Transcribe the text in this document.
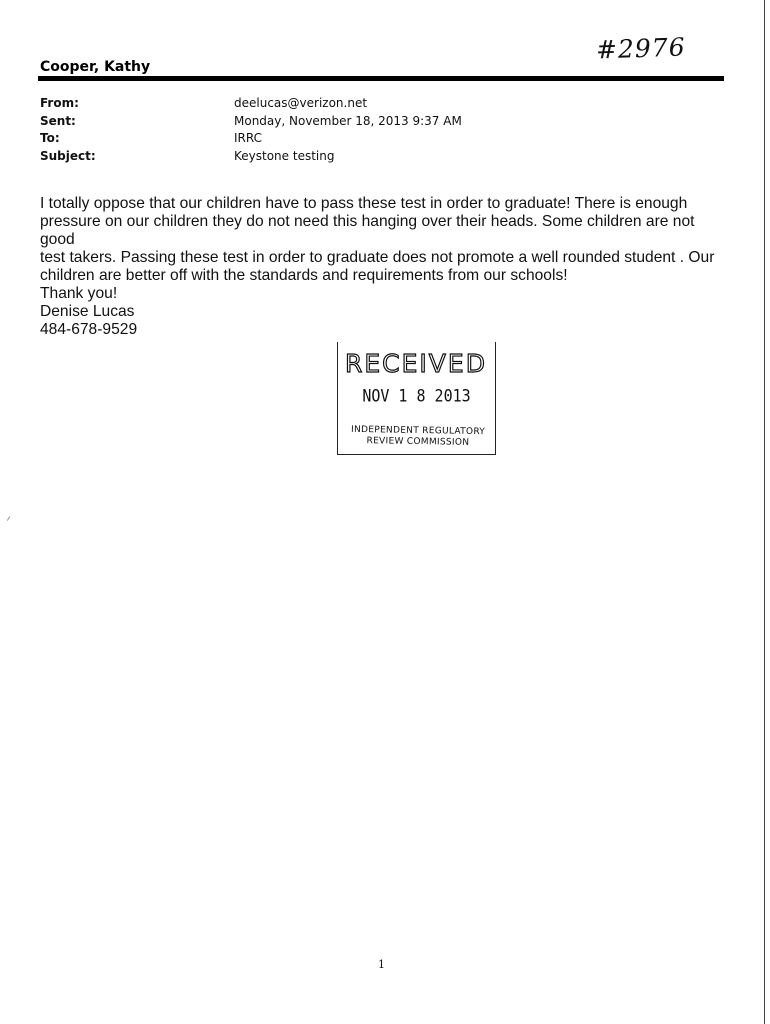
#2976
Cooper, Kathy
From:
Sent:
To:
Subject:
deelucas@verizon.net
Monday, November 18, 2013 9:37 AM
IRRC
Keystone testing

I totally oppose that our children have to pass these test in order to graduate! There is enough

pressure on our children they do not need this hanging over their heads. Some children are not good

test takers. Passing these test in order to graduate does not promote a well rounded student . Our

children are better off with the standards and requirements from our schools!

Thank you!

Denise Lucas

484-678-9529

RECEIVED
NOV 1 8 2013
INDEPENDENT REGULATORY
REVIEW COMMISSION
1
